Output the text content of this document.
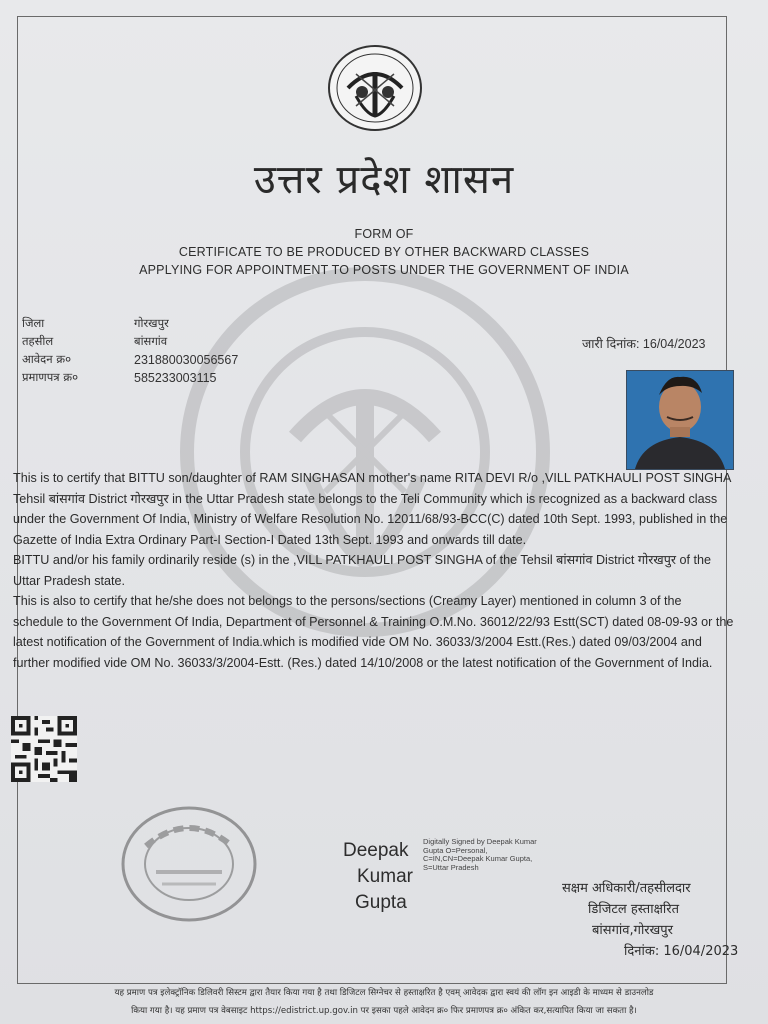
उत्तर प्रदेश शासन
FORM OF
CERTIFICATE TO BE PRODUCED BY OTHER BACKWARD CLASSES
APPLYING FOR APPOINTMENT TO POSTS UNDER THE GOVERNMENT OF INDIA
जिला	गोरखपुर
तहसील	बांसगांव
आवेदन क्र०	231880030056567
प्रमाणपत्र क्र०	585233003115
जारी दिनांक: 16/04/2023

This is to certify that BITTU son/daughter of RAM SINGHASAN mother's name RITA DEVI R/o ,VILL PATKHAULI POST SINGHA Tehsil बांसगांव District गोरखपुर in the Uttar Pradesh state belongs to the Teli Community which is recognized as a backward class under the Government Of India, Ministry of Welfare Resolution No. 12011/68/93-BCC(C) dated 10th Sept. 1993, published in the Gazette of India Extra Ordinary Part-I Section-I Dated 13th Sept. 1993 and onwards till date.

BITTU and/or his family ordinarily reside (s) in the ,VILL PATKHAULI POST SINGHA of the Tehsil बांसगांव District गोरखपुर of the Uttar Pradesh state.

This is also to certify that he/she does not belongs to the persons/sections (Creamy Layer) mentioned in column 3 of the schedule to the Government Of India, Department of Personnel & Training O.M.No. 36012/22/93 Estt(SCT) dated 08-09-93 or the latest notification of the Government of India.which is modified vide OM No. 36033/3/2004 Estt.(Res.) dated 09/03/2004 and further modified vide OM No. 36033/3/2004-Estt. (Res.) dated 14/10/2008 or the latest notification of the Government of India.

Deepak
Kumar
Gupta
Digitally Signed by Deepak Kumar Gupta O=Personal, C=IN,CN=Deepak Kumar Gupta, S=Uttar Pradesh
सक्षम अधिकारी/तहसीलदार
डिजिटल हस्ताक्षरित
बांसगांव,गोरखपुर
दिनांक: 16/04/2023
यह प्रमाण पत्र इलेक्ट्रॉनिक डिलिवरी सिस्टम द्वारा तैयार किया गया है तथा डिजिटल सिग्नेचर से हस्ताक्षरित है एवम् आवेदक द्वारा स्वयं की लॉग इन आइडी के माध्यम से डाउनलोड
किया गया है। यह प्रमाण पत्र वेबसाइट https://edistrict.up.gov.in पर इसका पहले आवेदन क्र० फिर प्रमाणपत्र क्र० अंकित कर,सत्यापित किया जा सकता है।
